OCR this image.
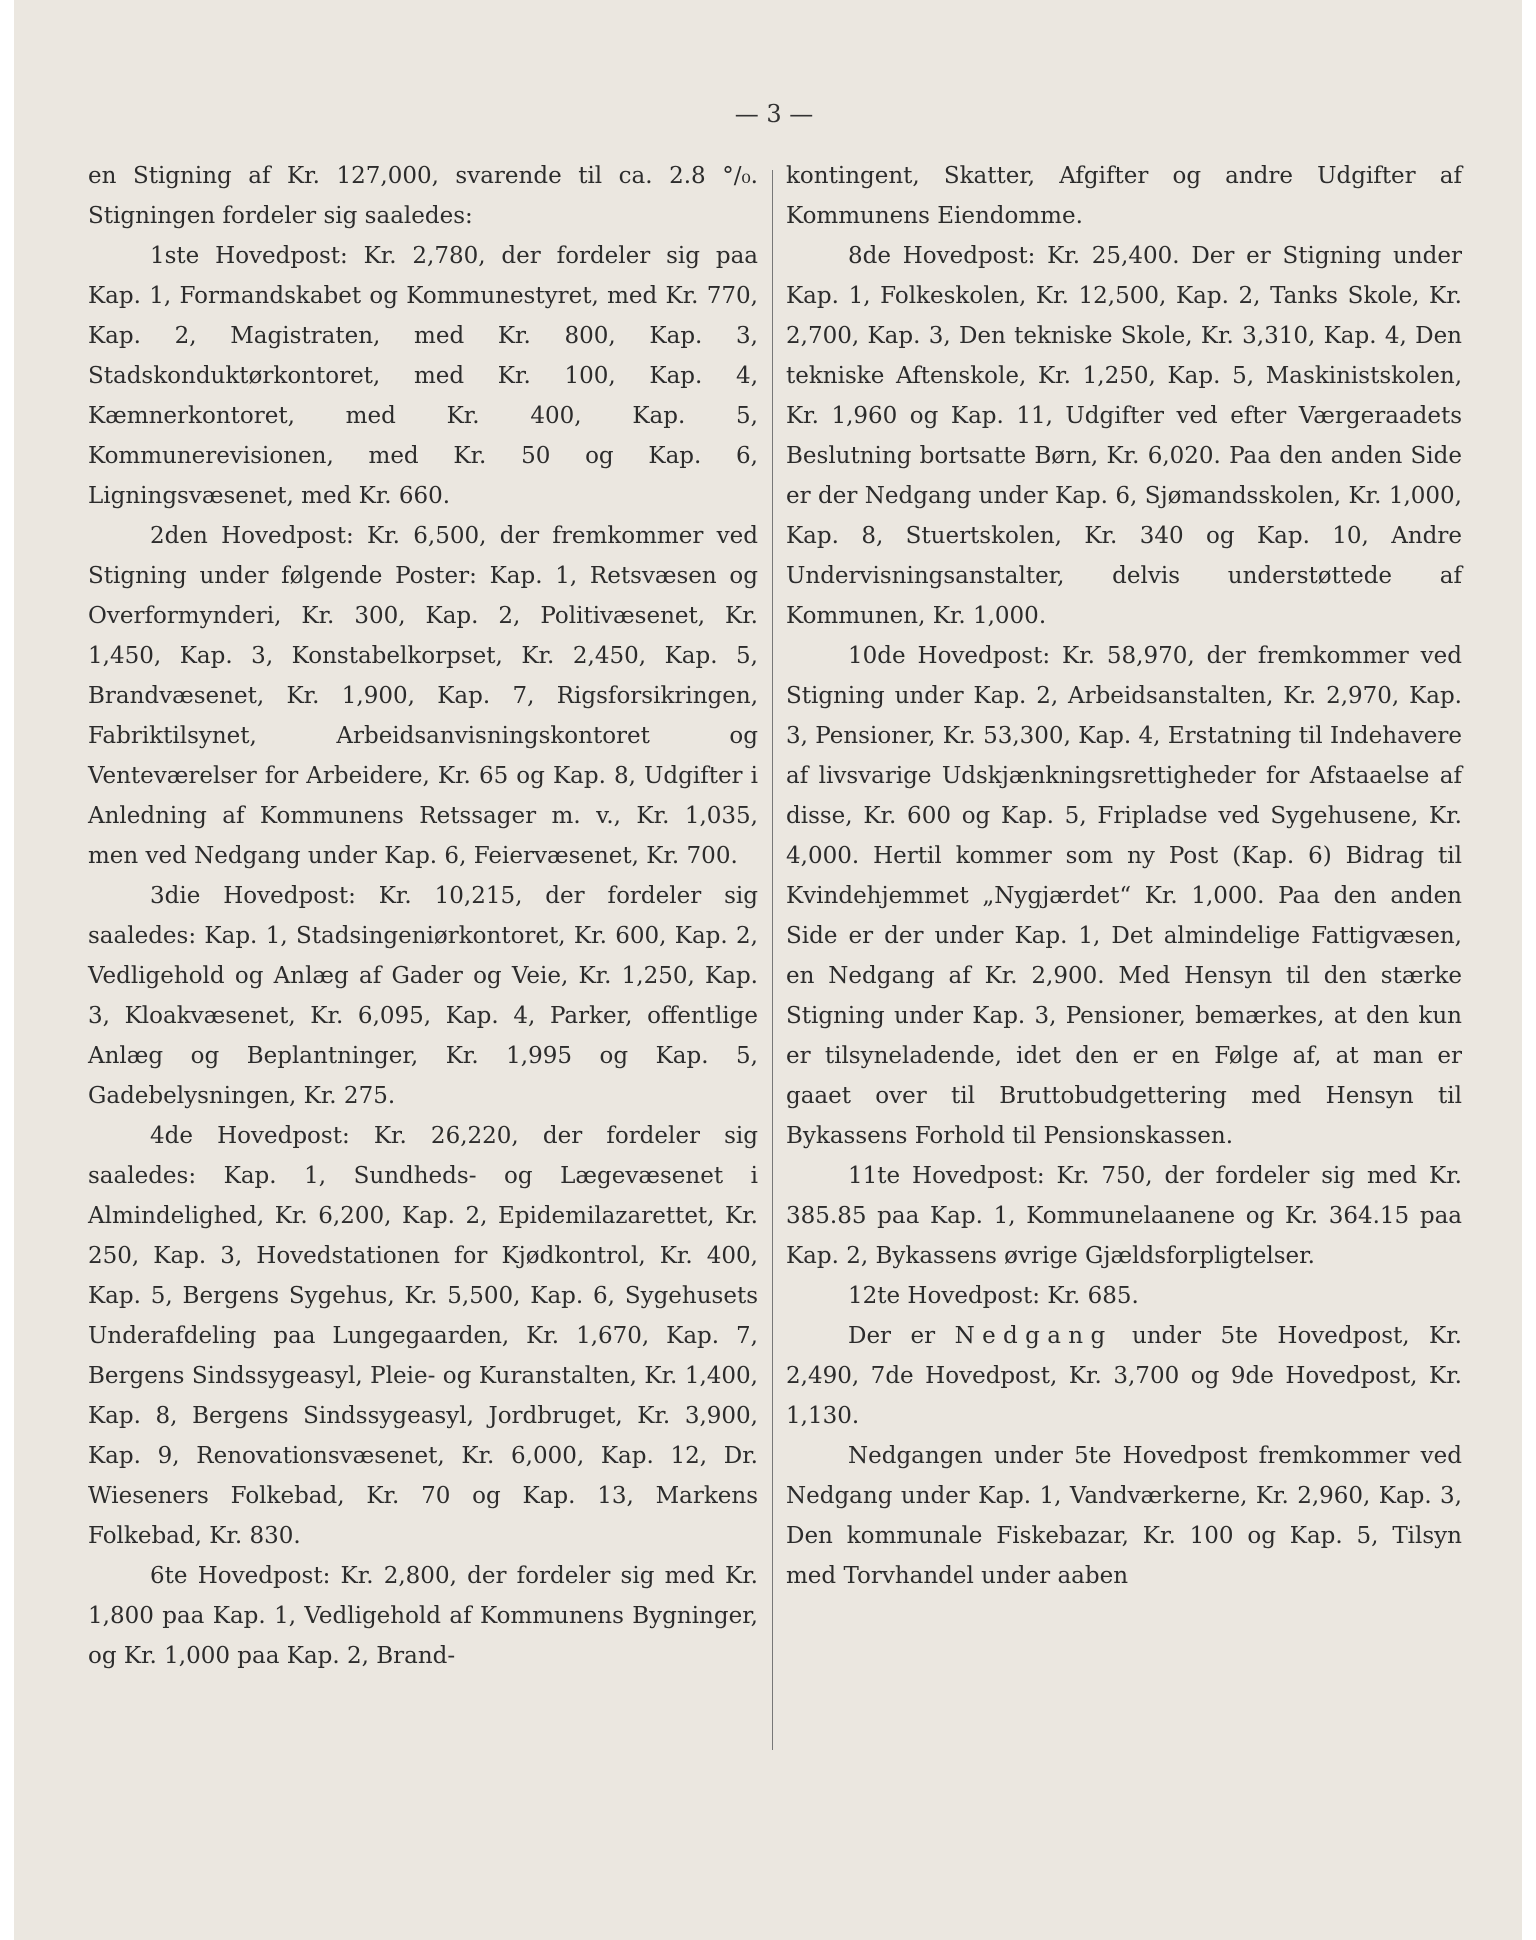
— 3 —

en Stigning af Kr. 127,000, svarende til ca. 2.8 °/₀. Stigningen fordeler sig saaledes:

1ste Hovedpost: Kr. 2,780, der fordeler sig paa Kap. 1, Formandskabet og Kommunestyret, med Kr. 770, Kap. 2, Magistraten, med Kr. 800, Kap. 3, Stadskonduktørkontoret, med Kr. 100, Kap. 4, Kæmnerkontoret, med Kr. 400, Kap. 5, Kommunerevisionen, med Kr. 50 og Kap. 6, Ligningsvæsenet, med Kr. 660.

2den Hovedpost: Kr. 6,500, der fremkommer ved Stigning under følgende Poster: Kap. 1, Retsvæsen og Overformynderi, Kr. 300, Kap. 2, Politivæsenet, Kr. 1,450, Kap. 3, Konstabelkorpset, Kr. 2,450, Kap. 5, Brandvæsenet, Kr. 1,900, Kap. 7, Rigsforsikringen, Fabriktilsynet, Arbeidsanvisningskontoret og Venteværelser for Arbeidere, Kr. 65 og Kap. 8, Udgifter i Anledning af Kommunens Retssager m. v., Kr. 1,035, men ved Nedgang under Kap. 6, Feiervæsenet, Kr. 700.

3die Hovedpost: Kr. 10,215, der fordeler sig saaledes: Kap. 1, Stadsingeniørkontoret, Kr. 600, Kap. 2, Vedligehold og Anlæg af Gader og Veie, Kr. 1,250, Kap. 3, Kloakvæsenet, Kr. 6,095, Kap. 4, Parker, offentlige Anlæg og Beplantninger, Kr. 1,995 og Kap. 5, Gadebelysningen, Kr. 275.

4de Hovedpost: Kr. 26,220, der fordeler sig saaledes: Kap. 1, Sundheds- og Lægevæsenet i Almindelighed, Kr. 6,200, Kap. 2, Epidemilazarettet, Kr. 250, Kap. 3, Hovedstationen for Kjødkontrol, Kr. 400, Kap. 5, Bergens Sygehus, Kr. 5,500, Kap. 6, Sygehusets Underafdeling paa Lungegaarden, Kr. 1,670, Kap. 7, Bergens Sindssygeasyl, Pleie- og Kuranstalten, Kr. 1,400, Kap. 8, Bergens Sindssygeasyl, Jordbruget, Kr. 3,900, Kap. 9, Renovationsvæsenet, Kr. 6,000, Kap. 12, Dr. Wieseners Folkebad, Kr. 70 og Kap. 13, Markens Folkebad, Kr. 830.

6te Hovedpost: Kr. 2,800, der fordeler sig med Kr. 1,800 paa Kap. 1, Vedligehold af Kommunens Bygninger, og Kr. 1,000 paa Kap. 2, Brand-

kontingent, Skatter, Afgifter og andre Udgifter af Kommunens Eiendomme.

8de Hovedpost: Kr. 25,400. Der er Stigning under Kap. 1, Folkeskolen, Kr. 12,500, Kap. 2, Tanks Skole, Kr. 2,700, Kap. 3, Den tekniske Skole, Kr. 3,310, Kap. 4, Den tekniske Aftenskole, Kr. 1,250, Kap. 5, Maskinistskolen, Kr. 1,960 og Kap. 11, Udgifter ved efter Værgeraadets Beslutning bortsatte Børn, Kr. 6,020. Paa den anden Side er der Nedgang under Kap. 6, Sjømandsskolen, Kr. 1,000, Kap. 8, Stuertskolen, Kr. 340 og Kap. 10, Andre Undervisningsanstalter, delvis understøttede af Kommunen, Kr. 1,000.

10de Hovedpost: Kr. 58,970, der fremkommer ved Stigning under Kap. 2, Arbeidsanstalten, Kr. 2,970, Kap. 3, Pensioner, Kr. 53,300, Kap. 4, Erstatning til Indehavere af livsvarige Udskjænkningsrettigheder for Afstaaelse af disse, Kr. 600 og Kap. 5, Fripladse ved Sygehusene, Kr. 4,000. Hertil kommer som ny Post (Kap. 6) Bidrag til Kvindehjemmet „Nygjærdet“ Kr. 1,000. Paa den anden Side er der under Kap. 1, Det almindelige Fattigvæsen, en Nedgang af Kr. 2,900. Med Hensyn til den stærke Stigning under Kap. 3, Pensioner, bemærkes, at den kun er tilsyneladende, idet den er en Følge af, at man er gaaet over til Bruttobudgettering med Hensyn til Bykassens Forhold til Pensionskassen.

11te Hovedpost: Kr. 750, der fordeler sig med Kr. 385.85 paa Kap. 1, Kommunelaanene og Kr. 364.15 paa Kap. 2, Bykassens øvrige Gjældsforpligtelser.

12te Hovedpost: Kr. 685.

Der er Nedgang under 5te Hovedpost, Kr. 2,490, 7de Hovedpost, Kr. 3,700 og 9de Hovedpost, Kr. 1,130.

Nedgangen under 5te Hovedpost fremkommer ved Nedgang under Kap. 1, Vandværkerne, Kr. 2,960, Kap. 3, Den kommunale Fiskebazar, Kr. 100 og Kap. 5, Tilsyn med Torvhandel under aaben
